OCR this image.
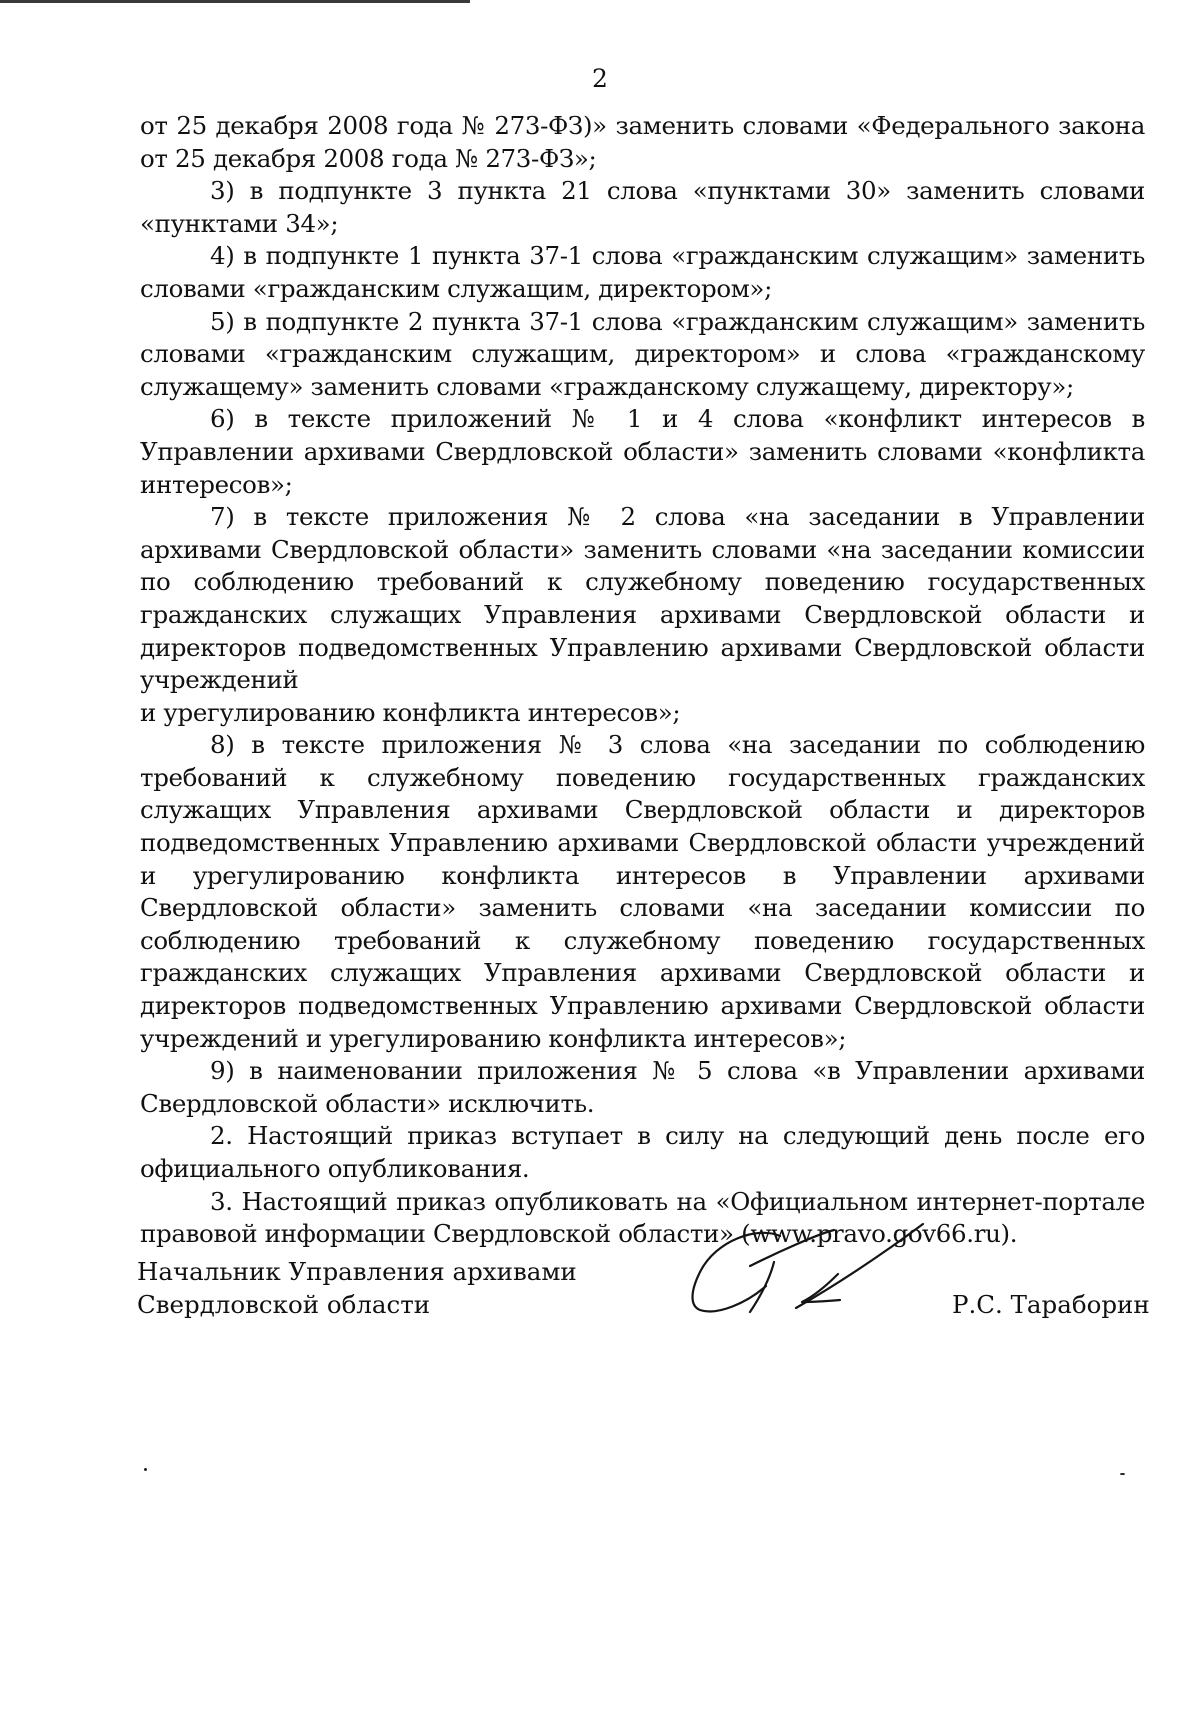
2

от 25 декабря 2008 года № 273-ФЗ)» заменить словами «Федерального закона от 25 декабря 2008 года № 273-ФЗ»;

3) в подпункте 3 пункта 21 слова «пунктами 30» заменить словами «пунктами 34»;

4) в подпункте 1 пункта 37-1 слова «гражданским служащим» заменить словами «гражданским служащим, директором»;

5) в подпункте 2 пункта 37-1 слова «гражданским служащим» заменить словами «гражданским служащим, директором» и слова «гражданскому служащему» заменить словами «гражданскому служащему, директору»;

6) в тексте приложений № 1 и 4 слова «конфликт интересов в Управлении архивами Свердловской области» заменить словами «конфликта интересов»;

7) в тексте приложения № 2 слова «на заседании в Управлении архивами Свердловской области» заменить словами «на заседании комиссии по соблюдению требований к служебному поведению государственных гражданских служащих Управления архивами Свердловской области и директоров подведомственных Управлению архивами Свердловской области учреждений

и урегулированию конфликта интересов»;

8) в тексте приложения № 3 слова «на заседании по соблюдению требований к служебному поведению государственных гражданских служащих Управления архивами Свердловской области и директоров подведомственных Управлению архивами Свердловской области учреждений и урегулированию конфликта интересов в Управлении архивами Свердловской области» заменить словами «на заседании комиссии по соблюдению требований к служебному поведению государственных гражданских служащих Управления архивами Свердловской области и директоров подведомственных Управлению архивами Свердловской области учреждений и урегулированию конфликта интересов»;

9) в наименовании приложения № 5 слова «в Управлении архивами Свердловской области» исключить.

2. Настоящий приказ вступает в силу на следующий день после его официального опубликования.

3. Настоящий приказ опубликовать на «Официальном интернет-портале правовой информации Свердловской области» (www.pravo.gov66.ru).

Начальник Управления архивами
Свердловской области	Р.С. Тараборин
